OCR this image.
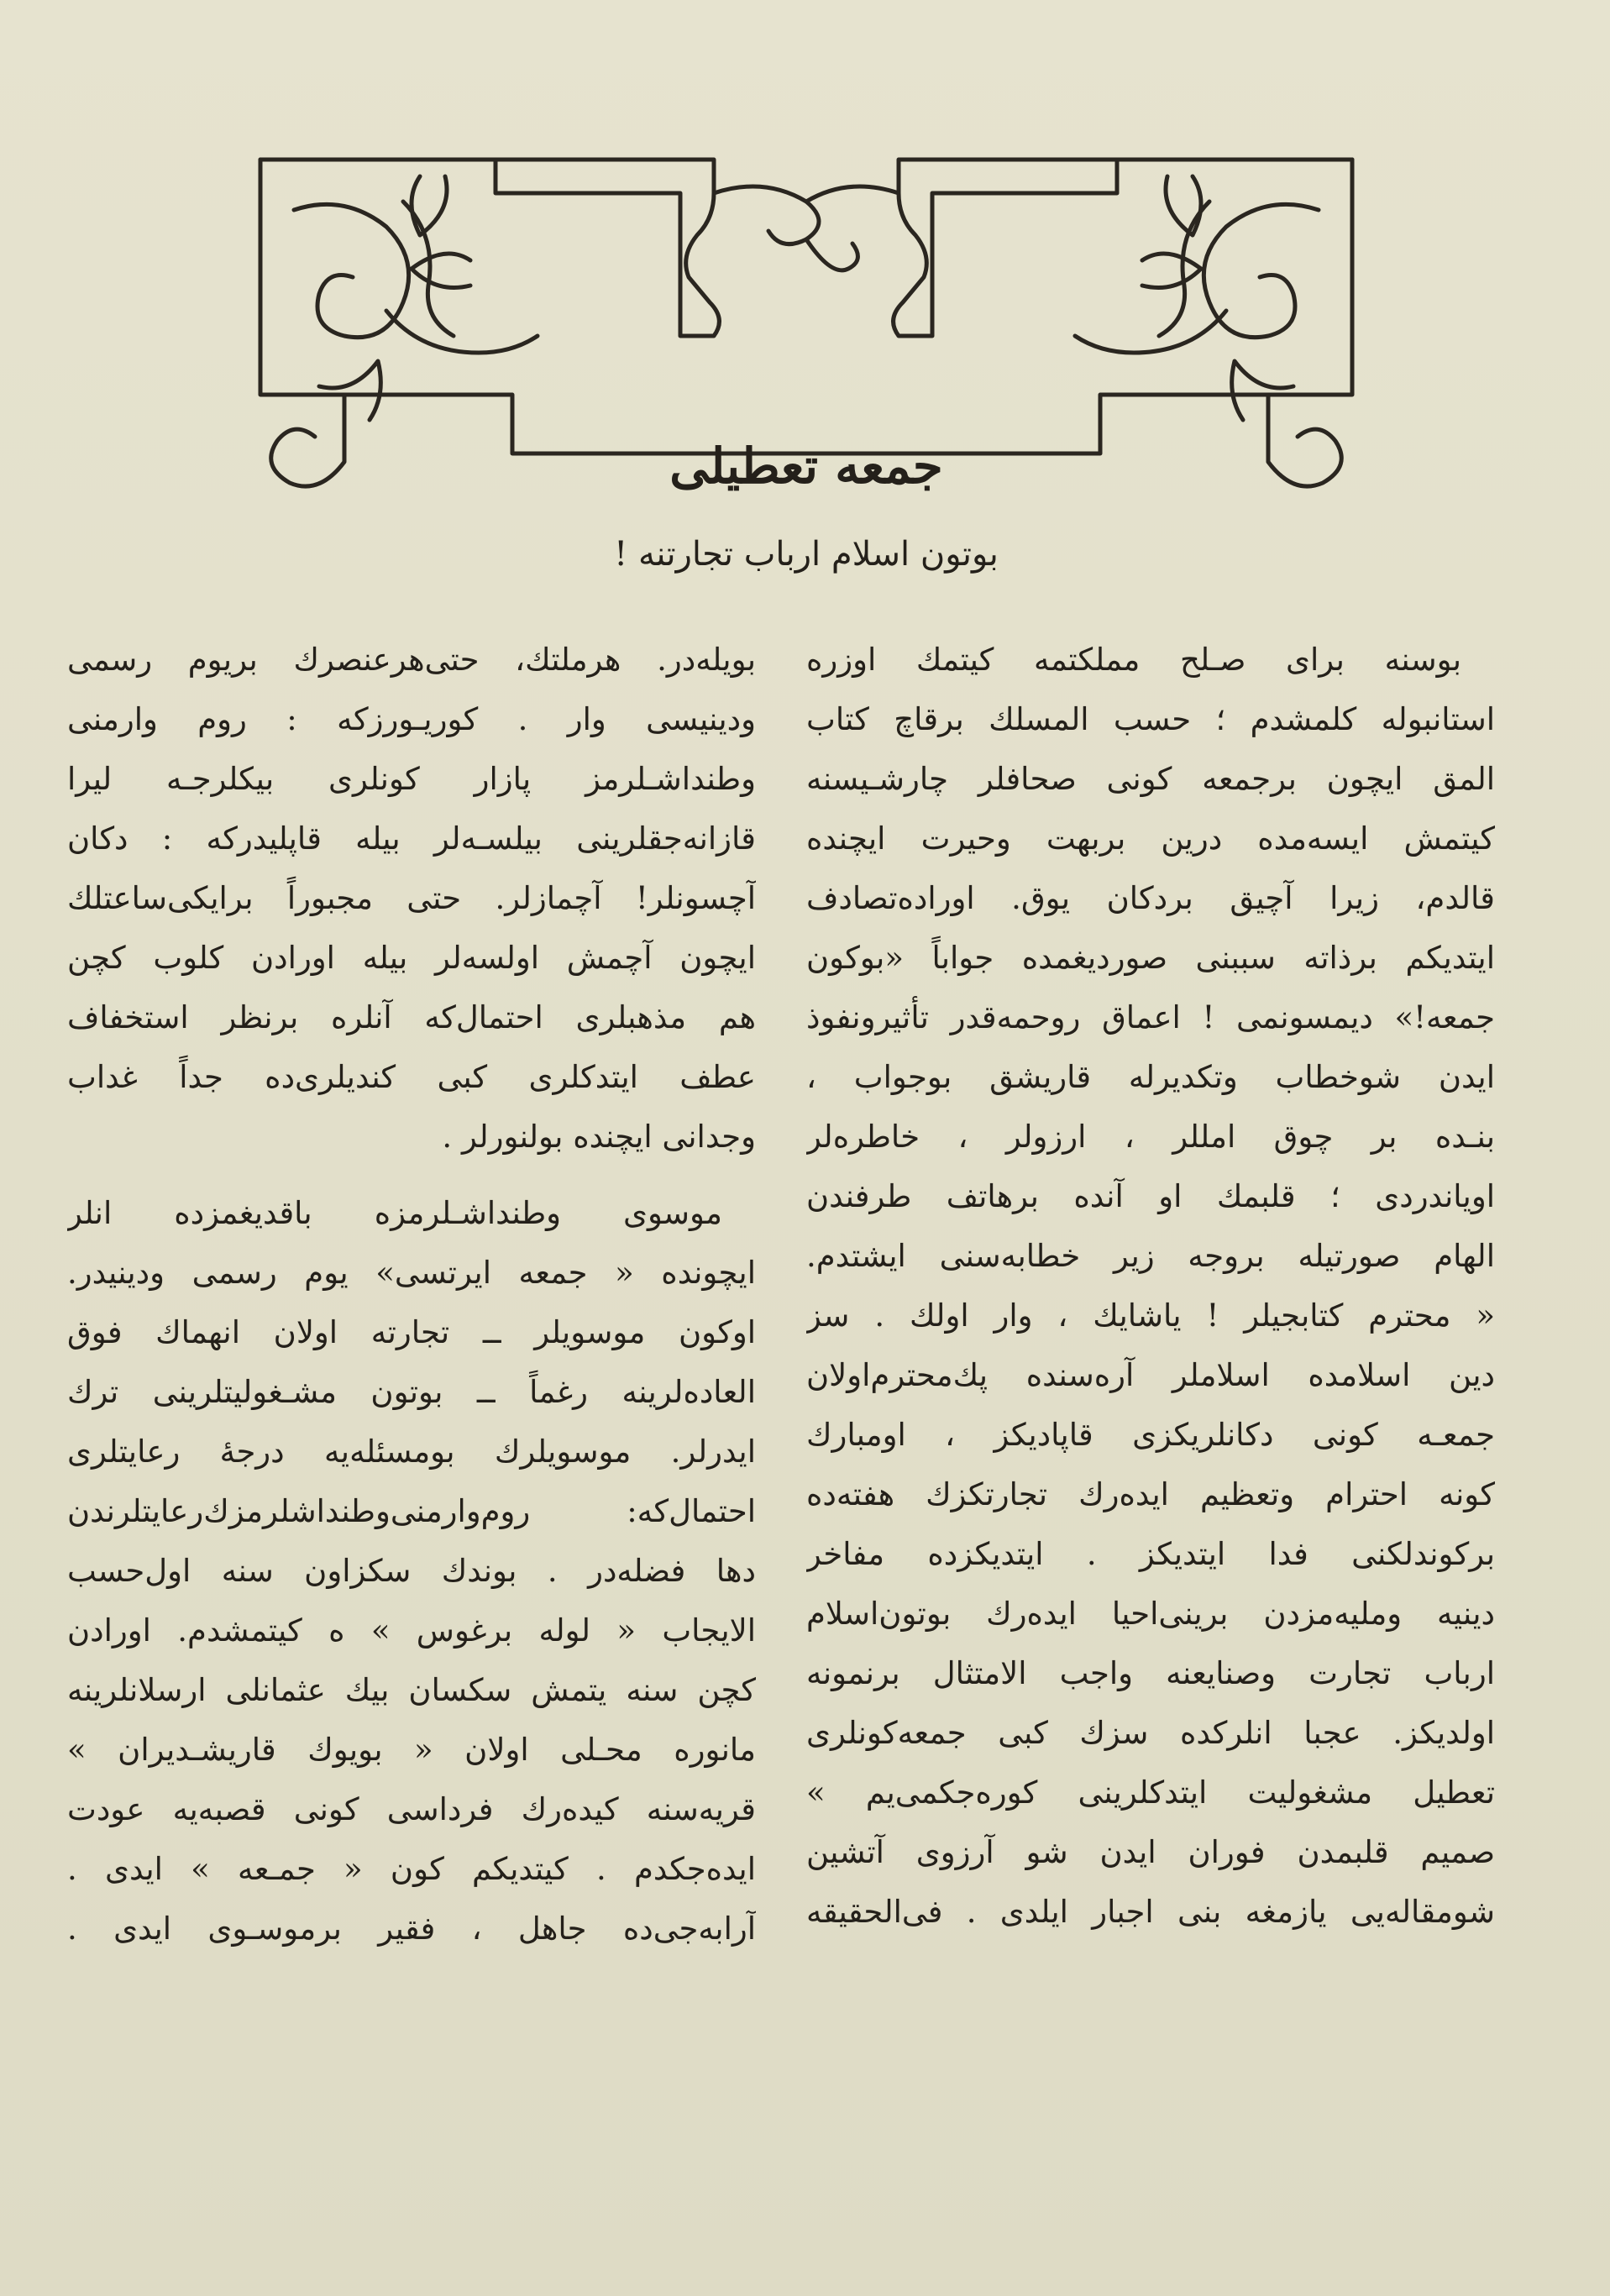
جمعه تعطيلى
بوتون اسلام ارباب تجارتنه !
بوسنه براى صـلح مملكتمه كيتمك اوزره
استانبوله كلمشدم ؛ حسب المسلك برقاچ كتاب
المق ايچون برجمعه كونى صحافلر چارشـيسنه
كيتمش ايسه‌مده درين بربهت وحيرت ايچنده
قالدم، زيرا آچيق بردكان يوق. اوراده‌تصادف
ايتديكم برذاته سببنى صورديغمده جواباً «بوكون
جمعه!» ديمسونمى ! اعماق روحمه‌قدر تأثيرونفوذ
ايدن شوخطاب وتكديرله قاريشق بوجواب ،
بنـده بر چوق امللر ، ارزولر ، خاطره‌لر
اوياندردى ؛ قلبمك او آنده برهاتف طرفندن
الهام صورتيله بروجه زير خطابه‌سنى ايشتدم.
« محترم كتابجيلر ! ياشايك ، وار اولك . سز
دين اسلامده اسلاملر آره‌سنده پك‌محترم‌اولان
جمعـه كونى دكانلريكزى قاپاديكز ، اومبارك
كونه احترام وتعظيم ايده‌رك تجارتكزك هفته‌ده
بركوندلكنى فدا ايتديكز . ايتديكزده مفاخر
دينيه ومليه‌مزدن برينى‌احيا ايده‌رك بوتون‌اسلام
ارباب تجارت وصنايعنه واجب الامتثال برنمونه
اولديكز. عجبا انلركده سزك كبى جمعه‌كونلرى
تعطيل مشغوليت ايتدكلرينى كوره‌جكمى‌يم »
صميم قلبمدن فوران ايدن شو آرزوى آتشين
شومقاله‌يى يازمغه بنى اجبار ايلدى . فى‌الحقيقه
بويله‌در. هرملتك، حتى‌هرعنصرك بريوم رسمى
ودينيسى وار . كوريـورزكه : روم وارمنى
وطنداشـلرمز پازار كونلرى بيكلرجـه ليرا
قازانه‌جقلرينى بيلسـه‌لر بيله قاپليدركه : دكان
آچسونلر! آچمازلر. حتى مجبوراً برايكى‌ساعتلك
ايچون آچمش اولسه‌لر بيله اورادن كلوب كچن
هم مذهبلرى احتمال‌كه آنلره برنظر استخفاف
عطف ايتدكلرى كبى كنديلرى‌ده جداً غداب
وجدانى ايچنده بولنورلر .
موسوى وطنداشـلرمزه باقديغمزده انلر
ايچونده « جمعه ايرتسى» يوم رسمى ودينيدر.
اوكون موسويلر ــ تجارته اولان انهماك فوق
العاده‌لرينه رغماً ــ بوتون مشـغوليتلرينى ترك
ايدرلر. موسويلرك بومسئله‌يه درجهٔ رعايتلرى
احتمال‌كه: روم‌وارمنى‌وطنداشلرمزك‌رعايتلرندن
دها فضله‌در . بوندك سكزاون سنه اول‌حسب
الايجاب « لوله برغوس » ه كيتمشدم. اورادن
كچن سنه يتمش سكسان بيك عثمانلى ارسلانلرينه
مانوره محـلى اولان « بويوك قاريشـديران »
قريه‌سنه كيده‌رك فرداسى كونى قصبه‌يه عودت
ايده‌جكدم . كيتديكم كون « جمـعه » ايدى .
آرابه‌جى‌ده جاهل ، فقير برموسـوى ايدى .
